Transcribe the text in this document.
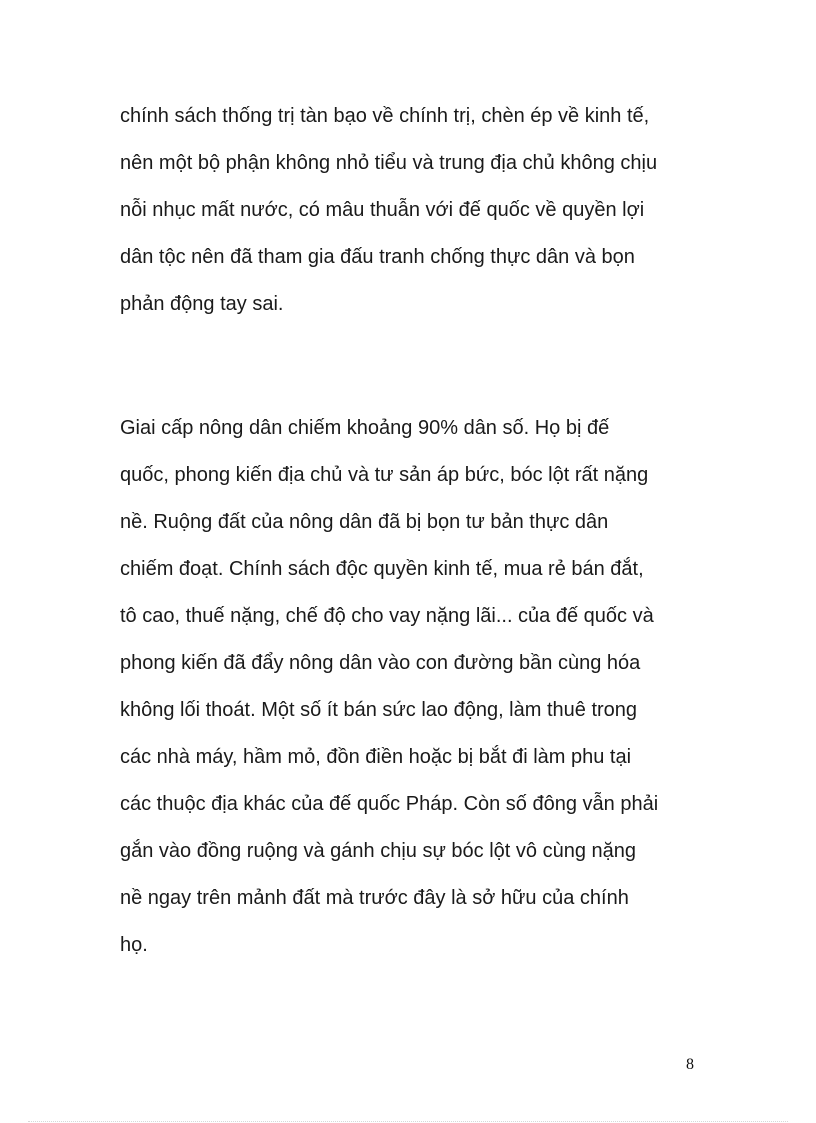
chính sách thống trị tàn bạo về chính trị, chèn ép về kinh tế,
nên một bộ phận không nhỏ tiểu và trung địa chủ không chịu
nỗi nhục mất nước, có mâu thuẫn với đế quốc về quyền lợi
dân tộc nên đã tham gia đấu tranh chống thực dân và bọn
phản động tay sai.
Giai cấp nông dân chiếm khoảng 90% dân số. Họ bị đế
quốc, phong kiến địa chủ và tư sản áp bức, bóc lột rất nặng
nề. Ruộng đất của nông dân đã bị bọn tư bản thực dân
chiếm đoạt. Chính sách độc quyền kinh tế, mua rẻ bán đắt,
tô cao, thuế nặng, chế độ cho vay nặng lãi... của đế quốc và
phong kiến đã đẩy nông dân vào con đường bần cùng hóa
không lối thoát. Một số ít bán sức lao động, làm thuê trong
các nhà máy, hầm mỏ, đồn điền hoặc bị bắt đi làm phu tại
các thuộc địa khác của đế quốc Pháp. Còn số đông vẫn phải
gắn vào đồng ruộng và gánh chịu sự bóc lột vô cùng nặng
nề ngay trên mảnh đất mà trước đây là sở hữu của chính
họ.
8
